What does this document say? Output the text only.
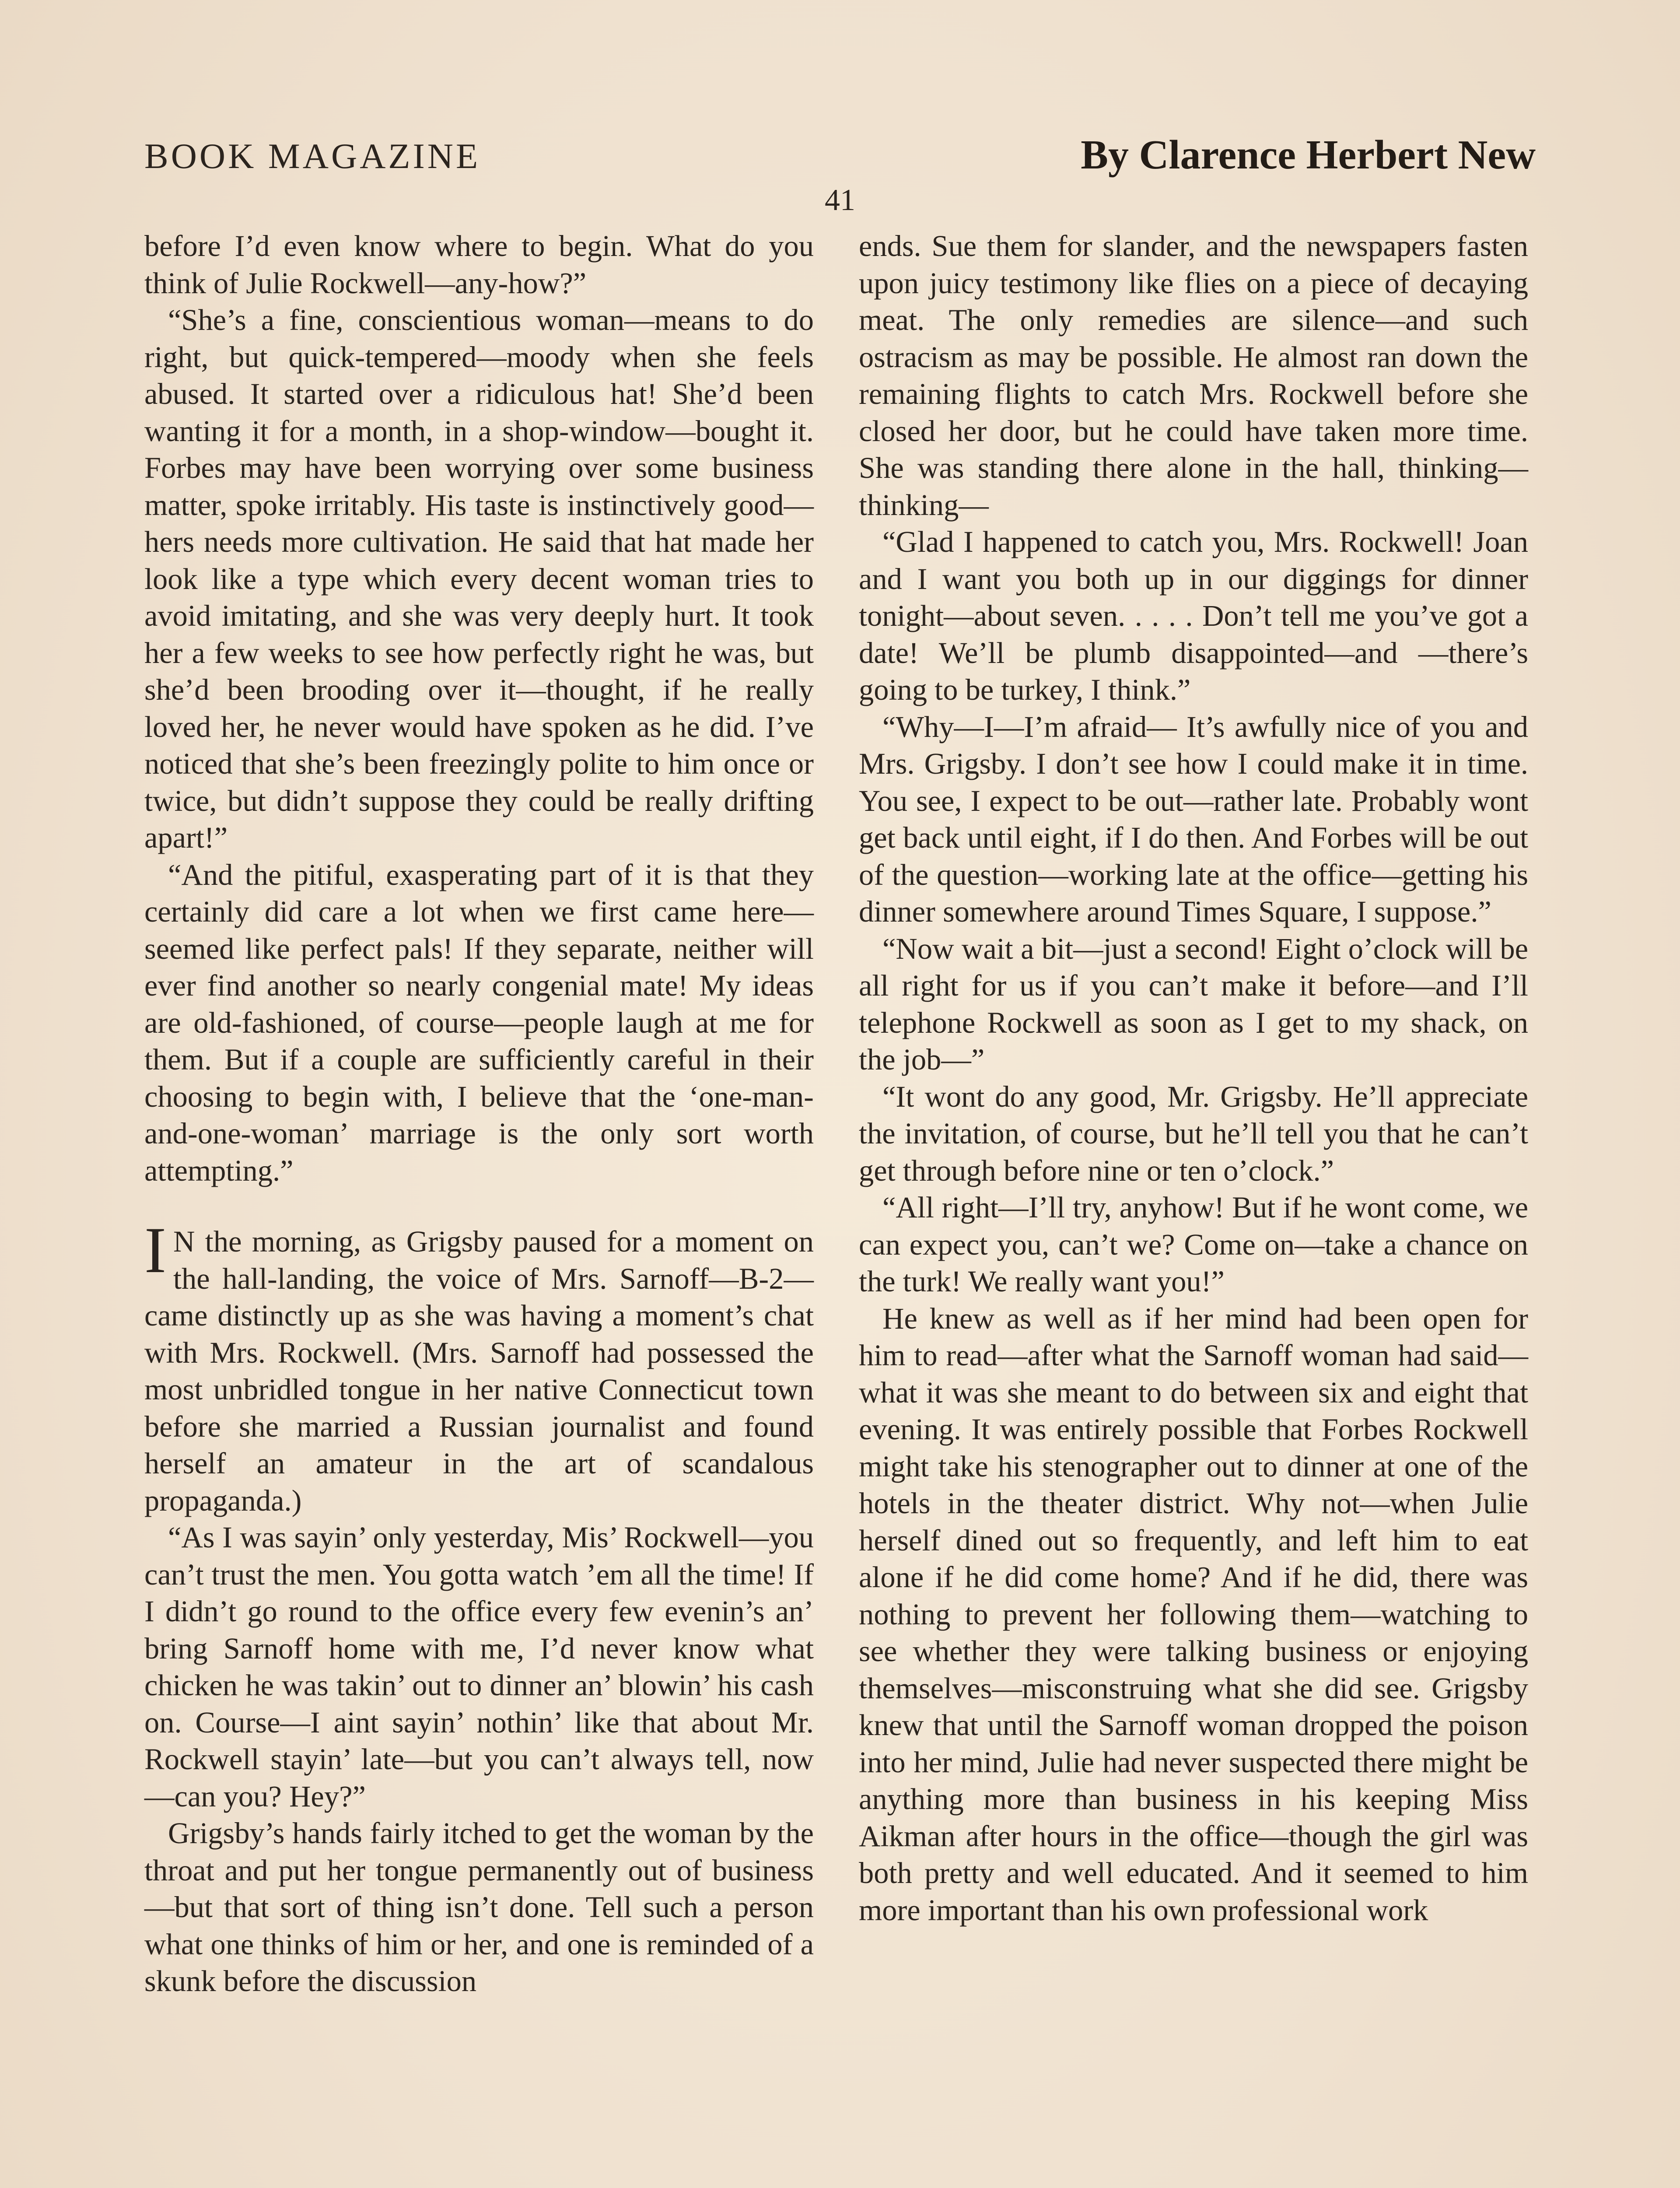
BOOK MAGAZINE	By Clarence Herbert New
41

before I’d even know where to begin. What do you think of Julie Rockwell—any-how?”

“She’s a fine, conscientious woman—means to do right, but quick-tempered—moody when she feels abused. It started over a ridiculous hat! She’d been wanting it for a month, in a shop-window—bought it. Forbes may have been worrying over some business matter, spoke irritably. His taste is instinctively good—hers needs more cultivation. He said that hat made her look like a type which every decent woman tries to avoid imitating, and she was very deeply hurt. It took her a few weeks to see how perfectly right he was, but she’d been brooding over it—thought, if he really loved her, he never would have spoken as he did. I’ve noticed that she’s been freezingly polite to him once or twice, but didn’t suppose they could be really drifting apart!”

“And the pitiful, exasperating part of it is that they certainly did care a lot when we first came here—seemed like perfect pals! If they separate, neither will ever find another so nearly congenial mate! My ideas are old-fashioned, of course—people laugh at me for them. But if a couple are sufficiently careful in their choosing to begin with, I believe that the ‘one-man-and-one-woman’ marriage is the only sort worth attempting.”

I N the morning, as Grigsby paused for a moment on the hall-landing, the voice of Mrs. Sarnoff—B-2—came distinctly up as she was having a moment’s chat with Mrs. Rockwell. (Mrs. Sarnoff had possessed the most unbridled tongue in her native Connecticut town before she married a Russian journalist and found herself an amateur in the art of scandalous propaganda.)

“As I was sayin’ only yesterday, Mis’ Rockwell—you can’t trust the men. You gotta watch ’em all the time! If I didn’t go round to the office every few evenin’s an’ bring Sarnoff home with me, I’d never know what chicken he was takin’ out to dinner an’ blowin’ his cash on. Course—I aint sayin’ nothin’ like that about Mr. Rockwell stayin’ late—but you can’t always tell, now—can you? Hey?”

Grigsby’s hands fairly itched to get the woman by the throat and put her tongue permanently out of business—but that sort of thing isn’t done. Tell such a person what one thinks of him or her, and one is reminded of a skunk before the discussion

ends. Sue them for slander, and the newspapers fasten upon juicy testimony like flies on a piece of decaying meat. The only remedies are silence—and such ostracism as may be possible. He almost ran down the remaining flights to catch Mrs. Rockwell before she closed her door, but he could have taken more time. She was standing there alone in the hall, thinking—thinking—

“Glad I happened to catch you, Mrs. Rockwell! Joan and I want you both up in our diggings for dinner tonight—about seven. . . . . Don’t tell me you’ve got a date! We’ll be plumb disappointed—and —there’s going to be turkey, I think.”

“Why—I—I’m afraid— It’s awfully nice of you and Mrs. Grigsby. I don’t see how I could make it in time. You see, I expect to be out—rather late. Probably wont get back until eight, if I do then. And Forbes will be out of the question—working late at the office—getting his dinner somewhere around Times Square, I suppose.”

“Now wait a bit—just a second! Eight o’clock will be all right for us if you can’t make it before—and I’ll telephone Rockwell as soon as I get to my shack, on the job—”

“It wont do any good, Mr. Grigsby. He’ll appreciate the invitation, of course, but he’ll tell you that he can’t get through before nine or ten o’clock.”

“All right—I’ll try, anyhow! But if he wont come, we can expect you, can’t we? Come on—take a chance on the turk! We really want you!”

He knew as well as if her mind had been open for him to read—after what the Sarnoff woman had said—what it was she meant to do between six and eight that evening. It was entirely possible that Forbes Rockwell might take his stenographer out to dinner at one of the hotels in the theater district. Why not—when Julie herself dined out so frequently, and left him to eat alone if he did come home? And if he did, there was nothing to prevent her following them—watching to see whether they were talking business or enjoying themselves—misconstruing what she did see. Grigsby knew that until the Sarnoff woman dropped the poison into her mind, Julie had never suspected there might be anything more than business in his keeping Miss Aikman after hours in the office—though the girl was both pretty and well educated. And it seemed to him more important than his own professional work
